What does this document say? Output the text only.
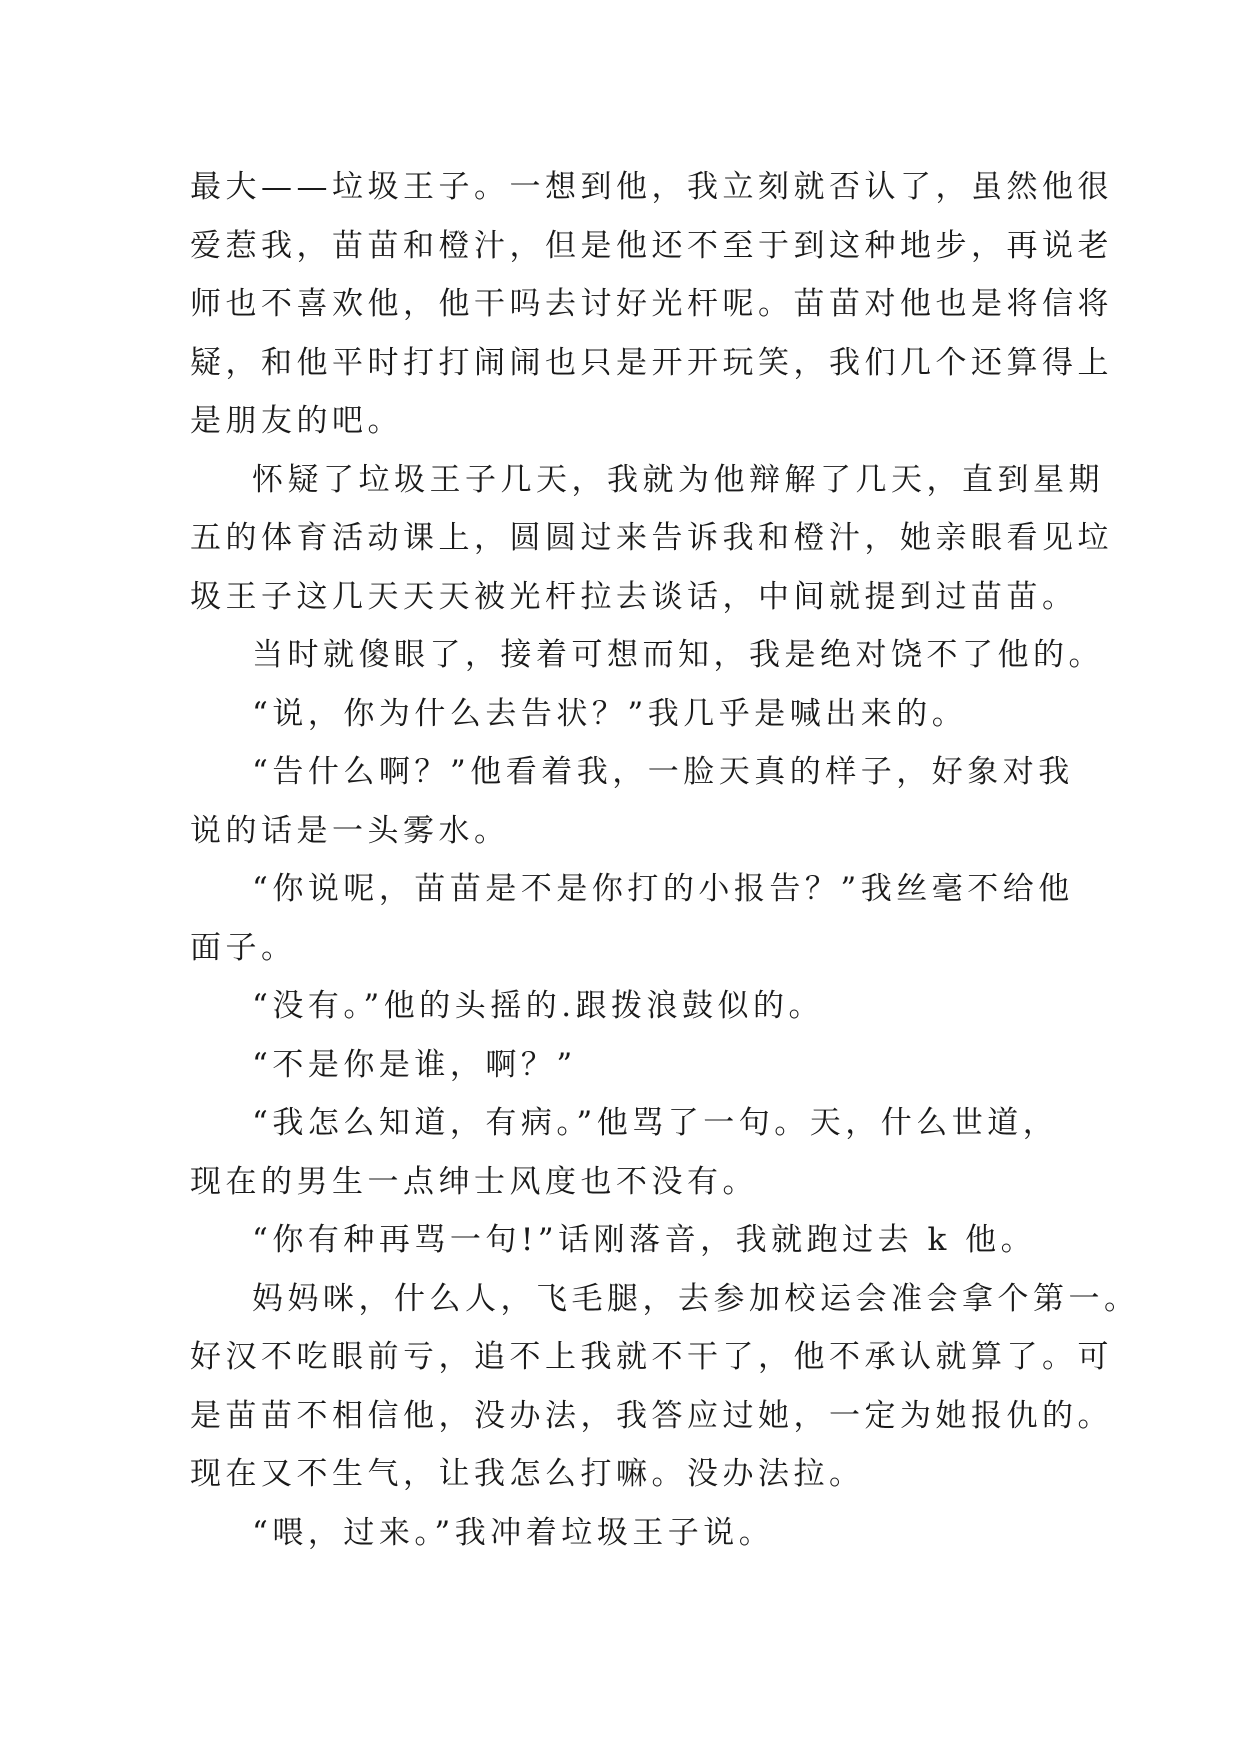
最大——垃圾王子。一想到他，我立刻就否认了，虽然他很
爱惹我，苗苗和橙汁，但是他还不至于到这种地步，再说老
师也不喜欢他，他干吗去讨好光杆呢。苗苗对他也是将信将
疑，和他平时打打闹闹也只是开开玩笑，我们几个还算得上
是朋友的吧。
怀疑了垃圾王子几天，我就为他辩解了几天，直到星期
五的体育活动课上，圆圆过来告诉我和橙汁，她亲眼看见垃
圾王子这几天天天被光杆拉去谈话，中间就提到过苗苗。
当时就傻眼了，接着可想而知，我是绝对饶不了他的。
“说，你为什么去告状？”我几乎是喊出来的。
“告什么啊？”他看着我，一脸天真的样子，好象对我
说的话是一头雾水。
“你说呢，苗苗是不是你打的小报告？”我丝毫不给他
面子。
“没有。”他的头摇的.跟拨浪鼓似的。
“不是你是谁，啊？”
“我怎么知道，有病。”他骂了一句。天，什么世道，
现在的男生一点绅士风度也不没有。
“你有种再骂一句!”话刚落音，我就跑过去 k 他。
妈妈咪，什么人，飞毛腿，去参加校运会准会拿个第一。
好汉不吃眼前亏，追不上我就不干了，他不承认就算了。可
是苗苗不相信他，没办法，我答应过她，一定为她报仇的。
现在又不生气，让我怎么打嘛。没办法拉。
“喂，过来。”我冲着垃圾王子说。
